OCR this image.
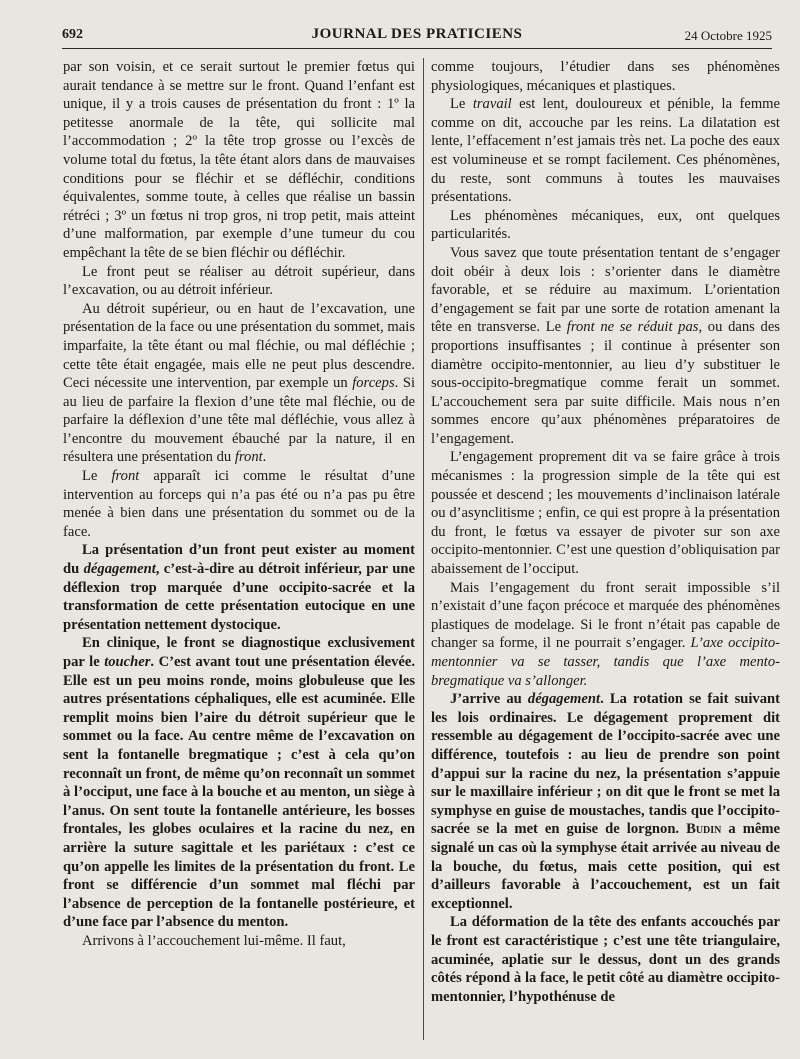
692	JOURNAL DES PRATICIENS	24 Octobre 1925

par son voisin, et ce serait surtout le premier fœtus qui aurait tendance à se mettre sur le front. Quand l’enfant est unique, il y a trois causes de présentation du front : 1º la petitesse anormale de la tête, qui sollicite mal l’accommodation ; 2º la tête trop grosse ou l’excès de volume total du fœtus, la tête étant alors dans de mauvaises conditions pour se fléchir et se défléchir, conditions équivalentes, somme toute, à celles que réalise un bassin rétréci ; 3º un fœtus ni trop gros, ni trop petit, mais atteint d’une malformation, par exemple d’une tumeur du cou empêchant la tête de se bien fléchir ou défléchir.

Le front peut se réaliser au détroit supérieur, dans l’excavation, ou au détroit inférieur.

Au détroit supérieur, ou en haut de l’excavation, une présentation de la face ou une présentation du sommet, mais imparfaite, la tête étant ou mal fléchie, ou mal défléchie ; cette tête était engagée, mais elle ne peut plus descendre. Ceci nécessite une intervention, par exemple un forceps. Si au lieu de parfaire la flexion d’une tête mal fléchie, ou de parfaire la déflexion d’une tête mal défléchie, vous allez à l’encontre du mouvement ébauché par la nature, il en résultera une présentation du front.

Le front apparaît ici comme le résultat d’une intervention au forceps qui n’a pas été ou n’a pas pu être menée à bien dans une présentation du sommet ou de la face.

La présentation d’un front peut exister au moment du dégagement, c’est-à-dire au détroit inférieur, par une déflexion trop marquée d’une occipito-sacrée et la transformation de cette présentation eutocique en une présentation nettement dystocique.

En clinique, le front se diagnostique exclusivement par le toucher. C’est avant tout une présentation élevée. Elle est un peu moins ronde, moins globuleuse que les autres présentations céphaliques, elle est acuminée. Elle remplit moins bien l’aire du détroit supérieur que le sommet ou la face. Au centre même de l’excavation on sent la fontanelle bregmatique ; c’est à cela qu’on reconnaît un front, de même qu’on reconnaît un sommet à l’occiput, une face à la bouche et au menton, un siège à l’anus. On sent toute la fontanelle antérieure, les bosses frontales, les globes oculaires et la racine du nez, en arrière la suture sagittale et les pariétaux : c’est ce qu’on appelle les limites de la présentation du front. Le front se différencie d’un sommet mal fléchi par l’absence de perception de la fontanelle postérieure, et d’une face par l’absence du menton.

Arrivons à l’accouchement lui-même. Il faut,

comme toujours, l’étudier dans ses phénomènes physiologiques, mécaniques et plastiques.

Le travail est lent, douloureux et pénible, la femme comme on dit, accouche par les reins. La dilatation est lente, l’effacement n’est jamais très net. La poche des eaux est volumineuse et se rompt facilement. Ces phénomènes, du reste, sont communs à toutes les mauvaises présentations.

Les phénomènes mécaniques, eux, ont quelques particularités.

Vous savez que toute présentation tentant de s’engager doit obéir à deux lois : s’orienter dans le diamètre favorable, et se réduire au maximum. L’orientation d’engagement se fait par une sorte de rotation amenant la tête en transverse. Le front ne se réduit pas, ou dans des proportions insuffisantes ; il continue à présenter son diamètre occipito-mentonnier, au lieu d’y substituer le sous-occipito-bregmatique comme ferait un sommet. L’accouchement sera par suite difficile. Mais nous n’en sommes encore qu’aux phénomènes préparatoires de l’engagement.

L’engagement proprement dit va se faire grâce à trois mécanismes : la progression simple de la tête qui est poussée et descend ; les mouvements d’inclinaison latérale ou d’asynclitisme ; enfin, ce qui est propre à la présentation du front, le fœtus va essayer de pivoter sur son axe occipito-mentonnier. C’est une question d’obliquisation par abaissement de l’occiput.

Mais l’engagement du front serait impossible s’il n’existait d’une façon précoce et marquée des phénomènes plastiques de modelage. Si le front n’était pas capable de changer sa forme, il ne pourrait s’engager. L’axe occipito-mentonnier va se tasser, tandis que l’axe mento-bregmatique va s’allonger.

J’arrive au dégagement. La rotation se fait suivant les lois ordinaires. Le dégagement proprement dit ressemble au dégagement de l’occipito-sacrée avec une différence, toutefois : au lieu de prendre son point d’appui sur la racine du nez, la présentation s’appuie sur le maxillaire inférieur ; on dit que le front se met la symphyse en guise de moustaches, tandis que l’occipito-sacrée se la met en guise de lorgnon. Budin a même signalé un cas où la symphyse était arrivée au niveau de la bouche, du fœtus, mais cette position, qui est d’ailleurs favorable à l’accouchement, est un fait exceptionnel.

La déformation de la tête des enfants accouchés par le front est caractéristique ; c’est une tête triangulaire, acuminée, aplatie sur le dessus, dont un des grands côtés répond à la face, le petit côté au diamètre occipito-mentonnier, l’hypothénuse de
